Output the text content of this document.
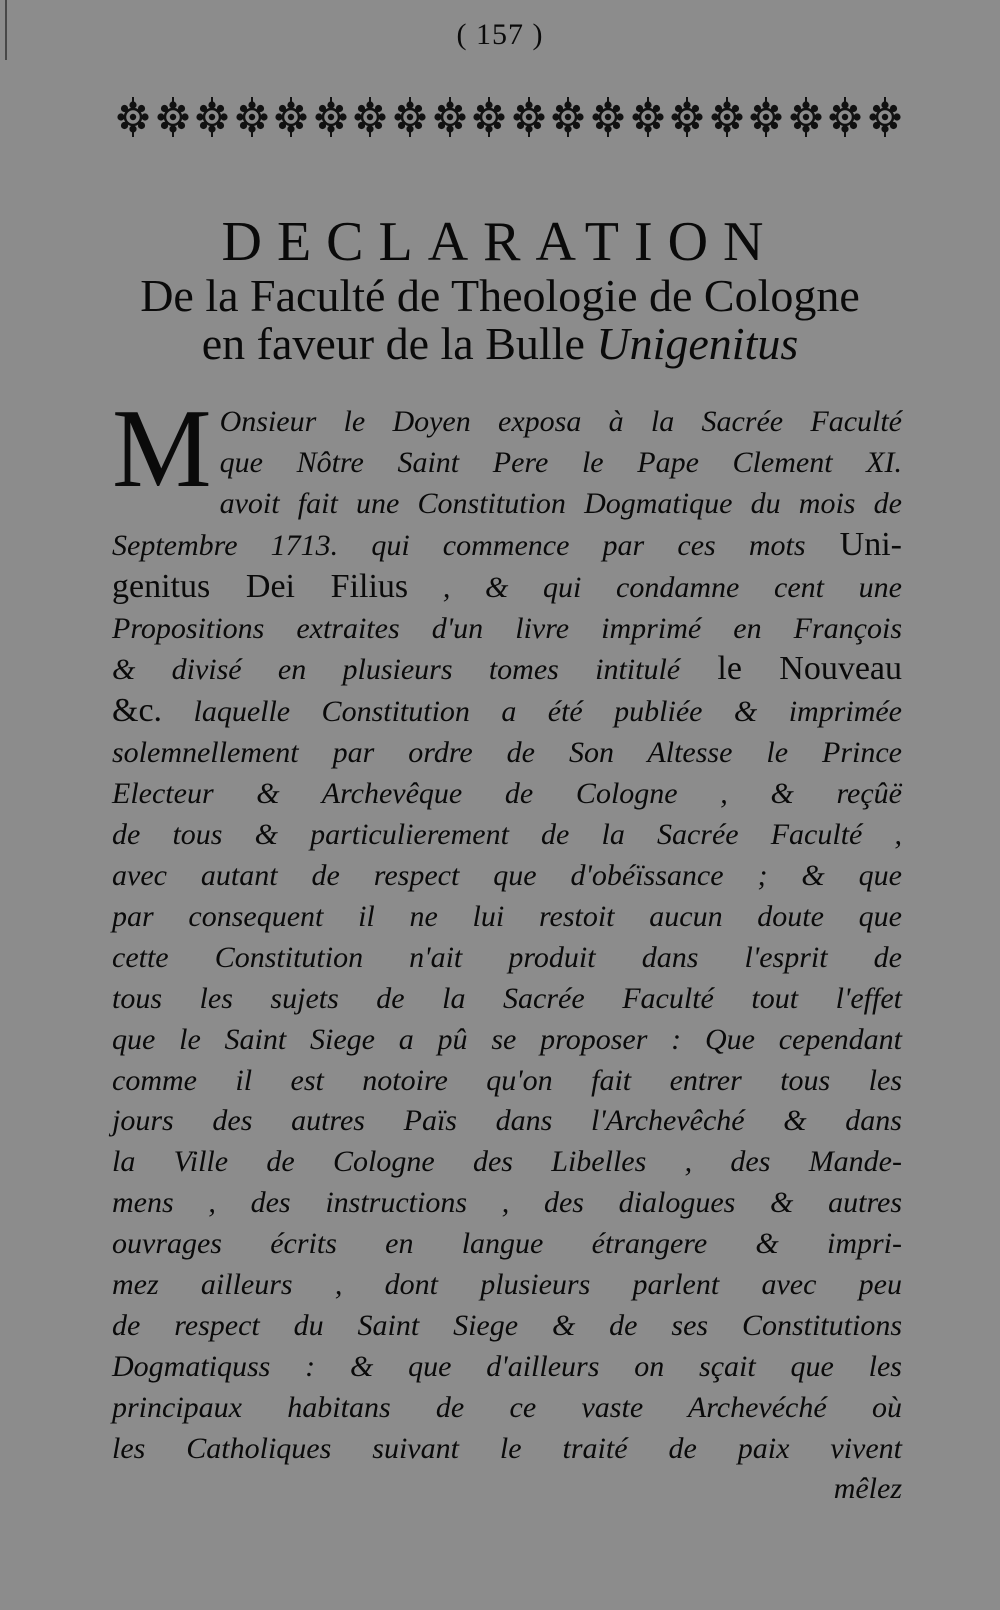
( 157 )
DECLARATION
De la Faculté de Theologie de Cologne
en faveur de la Bulle Unigenitus
M Onsieur le Doyen exposa à la Sacrée Faculté
que Nôtre Saint Pere le Pape Clement XI.
avoit fait une Constitution Dogmatique du mois de
Septembre 1713. qui commence par ces mots Uni-
genitus Dei Filius , & qui condamne cent une
Propositions extraites d'un livre imprimé en François
& divisé en plusieurs tomes intitulé le Nouveau
&c. laquelle Constitution a été publiée & imprimée
solemnellement par ordre de Son Altesse le Prince
Electeur & Archevêque de Cologne , & reçûë
de tous & particulierement de la Sacrée Faculté ,
avec autant de respect que d'obéïssance ; & que
par consequent il ne lui restoit aucun doute que
cette Constitution n'ait produit dans l'esprit de
tous les sujets de la Sacrée Faculté tout l'effet
que le Saint Siege a pû se proposer : Que cependant
comme il est notoire qu'on fait entrer tous les
jours des autres Païs dans l'Archevêché & dans
la Ville de Cologne des Libelles , des Mande-
mens , des instructions , des dialogues & autres
ouvrages écrits en langue étrangere & impri-
mez ailleurs , dont plusieurs parlent avec peu
de respect du Saint Siege & de ses Constitutions
Dogmatiquss : & que d'ailleurs on sçait que les
principaux habitans de ce vaste Archevéché où
les Catholiques suivant le traité de paix vivent
mêlez
